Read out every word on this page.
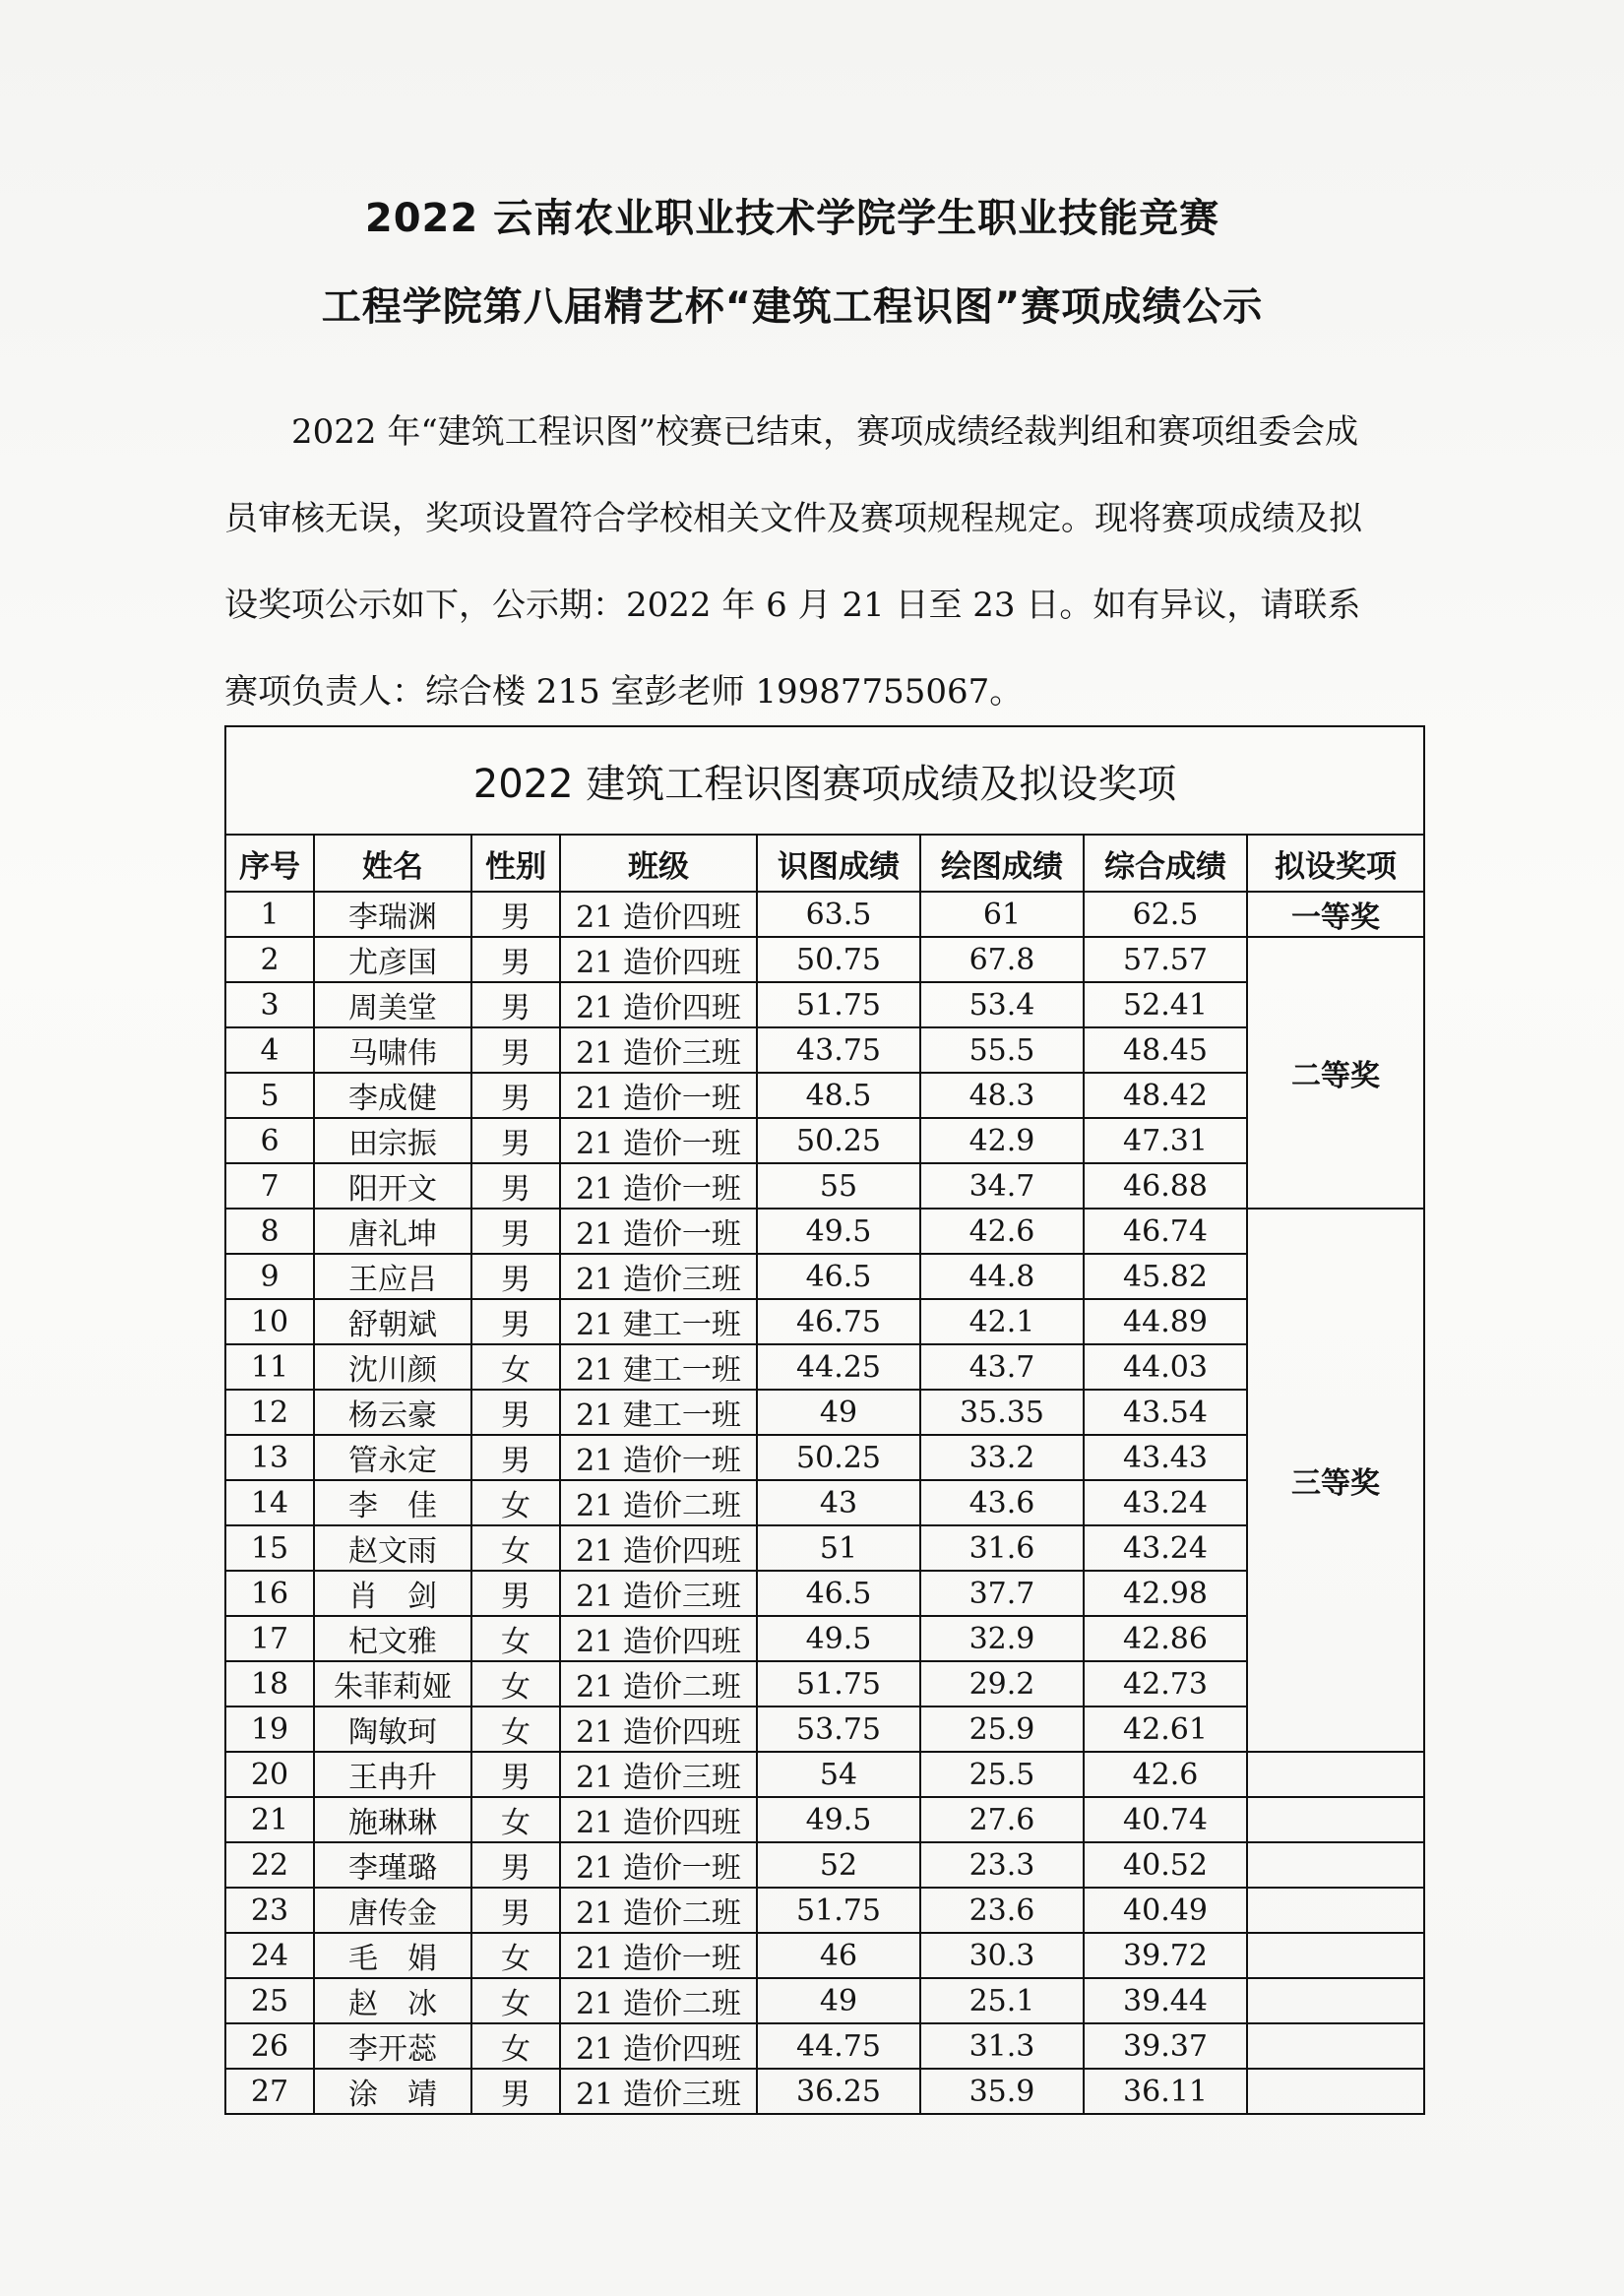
2022 云南农业职业技术学院学生职业技能竞赛
工程学院第八届精艺杯“建筑工程识图”赛项成绩公示

2022 年“建筑工程识图”校赛已结束，赛项成绩经裁判组和赛项组委会成员审核无误，奖项设置符合学校相关文件及赛项规程规定。现将赛项成绩及拟设奖项公示如下，公示期：2022 年 6 月 21 日至 23 日。如有异议，请联系赛项负责人：综合楼 215 室彭老师 19987755067。

2022 建筑工程识图赛项成绩及拟设奖项							
序号	姓名	性别	班级	识图成绩	绘图成绩	综合成绩	拟设奖项
1	李瑞渊	男	21 造价四班	63.5	61	62.5	一等奖
2	尤彦国	男	21 造价四班	50.75	67.8	57.57	二等奖
3	周美堂	男	21 造价四班	51.75	53.4	52.41	
4	马啸伟	男	21 造价三班	43.75	55.5	48.45	
5	李成健	男	21 造价一班	48.5	48.3	48.42	
6	田宗振	男	21 造价一班	50.25	42.9	47.31	
7	阳开文	男	21 造价一班	55	34.7	46.88	
8	唐礼坤	男	21 造价一班	49.5	42.6	46.74	三等奖
9	王应吕	男	21 造价三班	46.5	44.8	45.82	
10	舒朝斌	男	21 建工一班	46.75	42.1	44.89	
11	沈川颜	女	21 建工一班	44.25	43.7	44.03	
12	杨云豪	男	21 建工一班	49	35.35	43.54	
13	管永定	男	21 造价一班	50.25	33.2	43.43	
14	李　佳	女	21 造价二班	43	43.6	43.24	
15	赵文雨	女	21 造价四班	51	31.6	43.24	
16	肖　剑	男	21 造价三班	46.5	37.7	42.98	
17	杞文雅	女	21 造价四班	49.5	32.9	42.86	
18	朱菲莉娅	女	21 造价二班	51.75	29.2	42.73	
19	陶敏珂	女	21 造价四班	53.75	25.9	42.61	
20	王冉升	男	21 造价三班	54	25.5	42.6	
21	施琳琳	女	21 造价四班	49.5	27.6	40.74	
22	李瑾璐	男	21 造价一班	52	23.3	40.52	
23	唐传金	男	21 造价二班	51.75	23.6	40.49	
24	毛　娟	女	21 造价一班	46	30.3	39.72	
25	赵　冰	女	21 造价二班	49	25.1	39.44	
26	李开蕊	女	21 造价四班	44.75	31.3	39.37	
27	涂　靖	男	21 造价三班	36.25	35.9	36.11	
